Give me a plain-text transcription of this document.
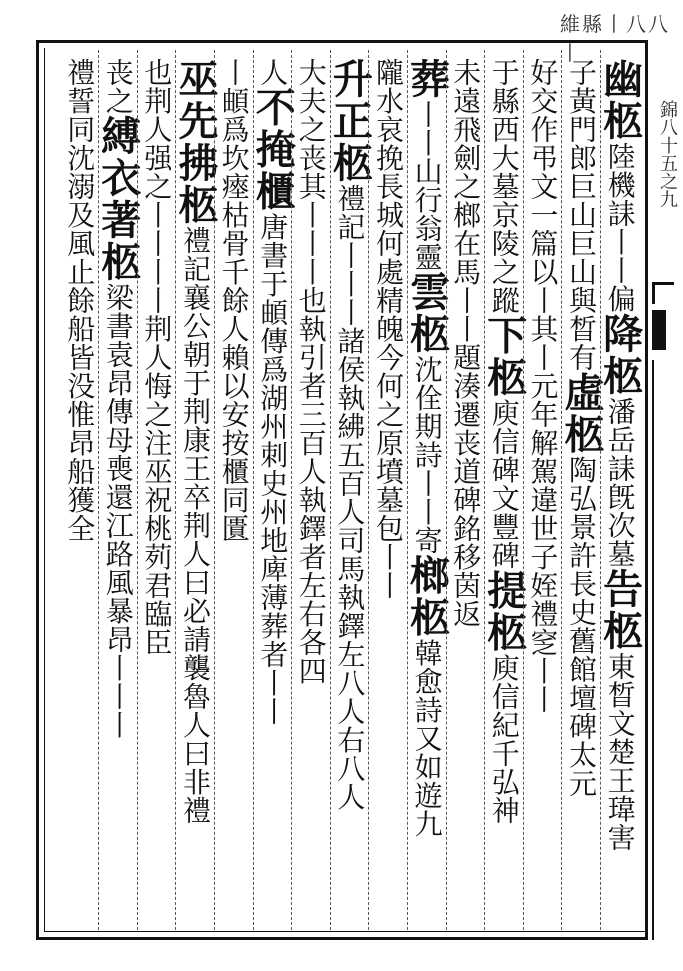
維縣丨八八丨
錦八十五之九
幽柩陸機誄丨丨偏降柩潘岳誄旣次墓告柩東晳文楚王瑋害
子黃門郎巨山巨山與晳有虛柩陶弘景許長史舊館壇碑太元
好交作弔文一篇以丨其丨元年解駕違世子姪禮窆丨丨
于縣西大墓京陵之蹤下柩庾信碑文豐碑提柩庾信紀千弘神
未遠飛劍之榔在馬丨丨題湊遷丧道碑銘移茵返
葬丨丨山行翁靈雲柩沈佺期詩丨丨寄榔柩韓愈詩又如遊九
隴水哀挽長城何處精魄今何之原墳墓包丨丨
升正柩禮記丨丨丨諸侯執紼五百人司馬執鐸左八人右八人
大夫之丧其丨丨丨也執引者三百人執鐸者左右各四
人不掩櫃唐書于頔傳爲湖州刺史州地庳薄葬者丨丨
丨頔爲坎瘞枯骨千餘人賴以安按櫃同匱
巫先拂柩禮記襄公朝于荆康王卒荆人曰必請襲魯人曰非禮
也荆人强之丨丨丨丨荆人悔之注巫祝桃茢君臨臣
丧之縛衣著柩梁書袁昂傳母喪還江路風暴昂丨丨丨
禮誓同沈溺及風止餘船皆没惟昂船獲全
